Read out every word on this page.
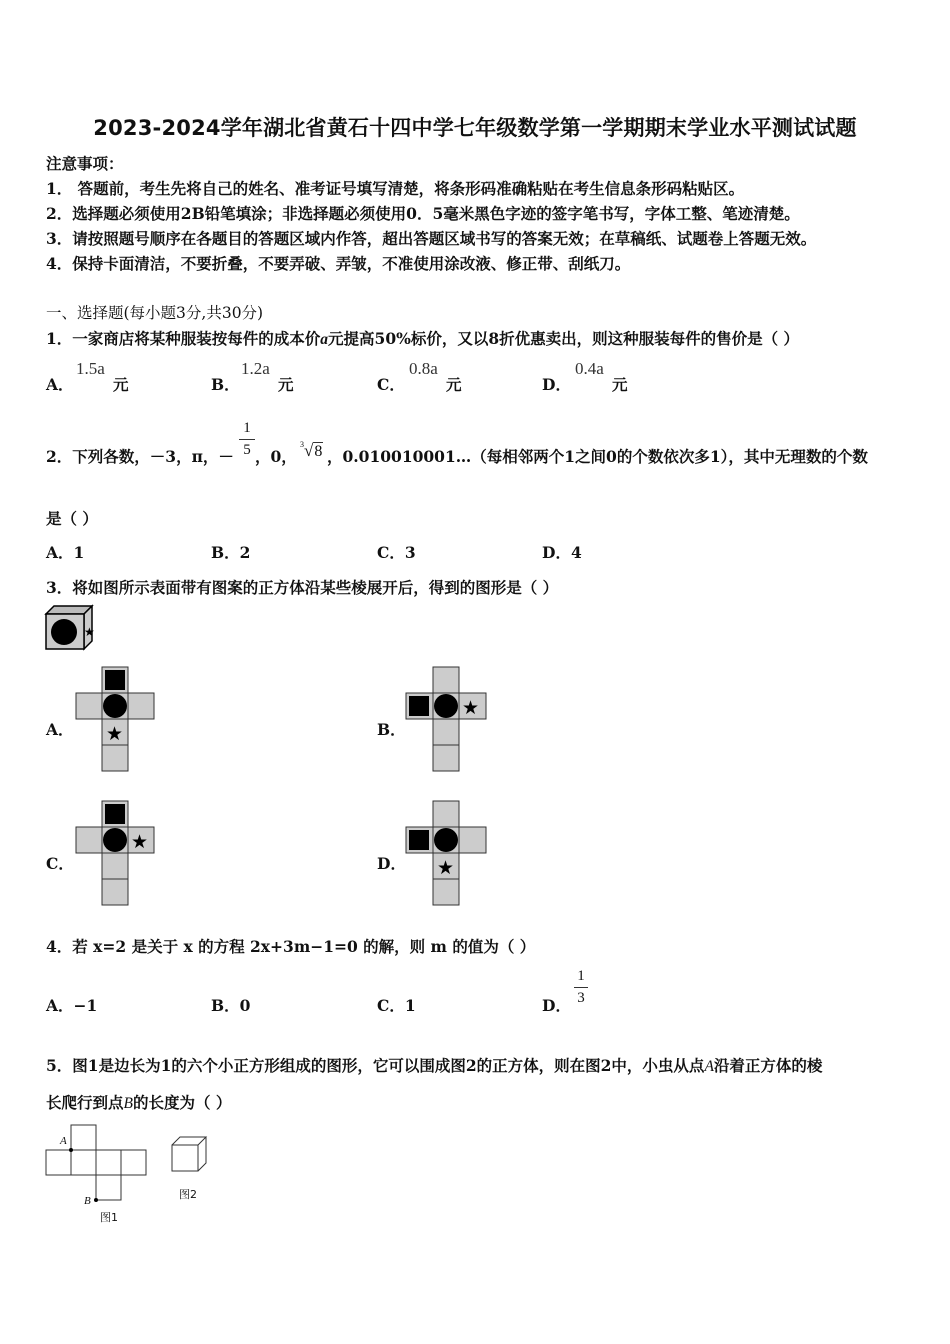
2023-2024学年湖北省黄石十四中学七年级数学第一学期期末学业水平测试试题
注意事项：
1． 答题前，考生先将自己的姓名、准考证号填写清楚，将条形码准确粘贴在考生信息条形码粘贴区。
2．选择题必须使用2B铅笔填涂；非选择题必须使用0．5毫米黑色字迹的签字笔书写，字体工整、笔迹清楚。
3．请按照题号顺序在各题目的答题区域内作答，超出答题区域书写的答案无效；在草稿纸、试题卷上答题无效。
4．保持卡面清洁，不要折叠，不要弄破、弄皱，不准使用涂改液、修正带、刮纸刀。
一、选择题(每小题3分,共30分)
1．一家商店将某种服装按每件的成本价a元提高50%标价，又以8折优惠卖出，则这种服装每件的售价是（ ）
A．
1.5a
元	B．
1.2a
元	C．
0.8a
元	D．
0.4a
元
2．下列各数，－3，π，－
1
5 ，0，
$^3$√8 ，0.010010001…（每相邻两个1之间0的个数依次多1），其中无理数的个数
是（ ）
A．1	B．2	C．3	D．4
3．将如图所示表面带有图案的正方体沿某些棱展开后，得到的图形是（ ）
★
A． ★	B．
★
C．
★
D． ★
4．若 x=2 是关于 x 的方程 2x+3m−1=0 的解，则 m 的值为（ ）
A．−1	B．0	C．1	D．
1
3
5．图1是边长为1的六个小正方形组成的图形，它可以围成图2的正方体，则在图2中，小虫从点A沿着正方体的棱
长爬行到点B的长度为（ ）
A
B
图1
图2
